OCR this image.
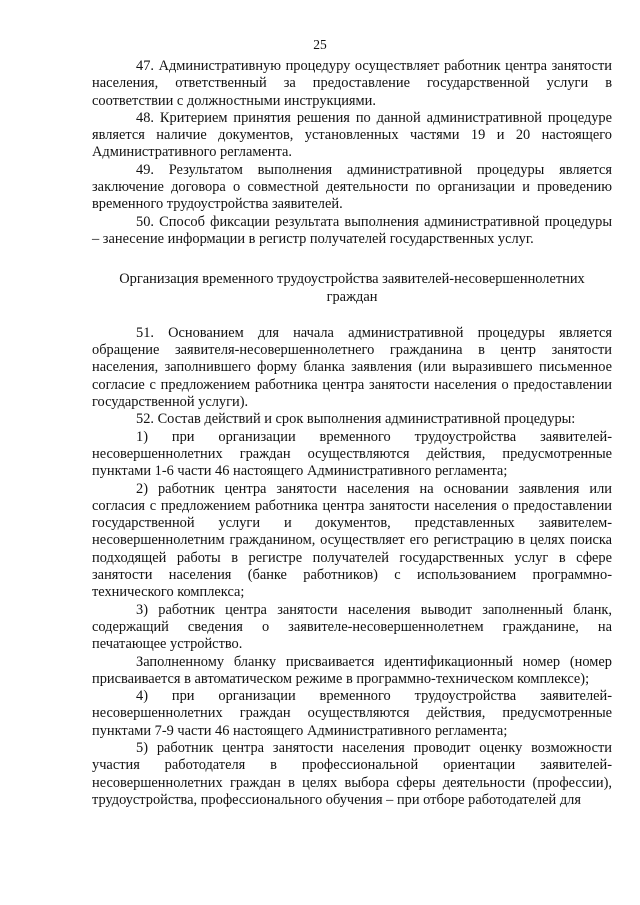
25

47. Административную процедуру осуществляет работник центра занятости населения, ответственный за предоставление государственной услуги в соответствии с должностными инструкциями.

48. Критерием принятия решения по данной административной процедуре является наличие документов, установленных частями 19 и 20 настоящего Административного регламента.

49. Результатом выполнения административной процедуры является заключение договора о совместной деятельности по организации и проведению временного трудоустройства заявителей.

50. Способ фиксации результата выполнения административной процедуры – занесение информации в регистр получателей государственных услуг.

Организация временного трудоустройства заявителей-несовершеннолетних граждан

51. Основанием для начала административной процедуры является обращение заявителя-несовершеннолетнего гражданина в центр занятости населения, заполнившего форму бланка заявления (или выразившего письменное согласие с предложением работника центра занятости населения о предоставлении государственной услуги).

52. Состав действий и срок выполнения административной процедуры:

1) при организации временного трудоустройства заявителей-несовершеннолетних граждан осуществляются действия, предусмотренные пунктами 1-6 части 46 настоящего Административного регламента;

2) работник центра занятости населения на основании заявления или согласия с предложением работника центра занятости населения о предоставлении государственной услуги и документов, представленных заявителем-несовершеннолетним гражданином, осуществляет его регистрацию в целях поиска подходящей работы в регистре получателей государственных услуг в сфере занятости населения (банке работников) с использованием программно-технического комплекса;

3) работник центра занятости населения выводит заполненный бланк, содержащий сведения о заявителе-несовершеннолетнем гражданине, на печатающее устройство.

Заполненному бланку присваивается идентификационный номер (номер присваивается в автоматическом режиме в программно-техническом комплексе);

4) при организации временного трудоустройства заявителей-несовершеннолетних граждан осуществляются действия, предусмотренные пунктами 7-9 части 46 настоящего Административного регламента;

5) работник центра занятости населения проводит оценку возможности участия работодателя в профессиональной ориентации заявителей-несовершеннолетних граждан в целях выбора сферы деятельности (профессии), трудоустройства, профессионального обучения – при отборе работодателей для
